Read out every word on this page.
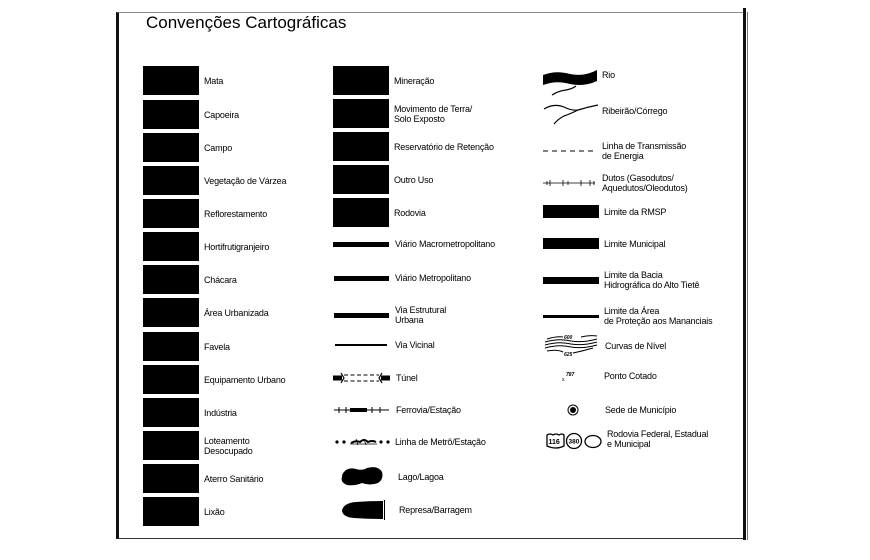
Convenções Cartográficas
Mata
Capoeira
Campo
Vegetação de Várzea
Reflorestamento
Hortifrutigranjeiro
Chácara
Área Urbanizada
Favela
Equipamento Urbano
Indústria
Loteamento
Desocupado
Aterro Sanitário
Lixão
Mineração
Movimento de Terra/
Solo Exposto
Reservatório de Retenção
Outro Uso
Rodovia
Viário Macrometropolitano
Viário Metropolitano
Via Estrutural
Urbana
Via Vicinal
Túnel
Ferrovia/Estação
Linha de Metrô/Estação
Lago/Lagoa
Represa/Barragem
Rio
Ribeirão/Córrego
Linha de Transmissão
de Energia
Dutos (Gasodutos/
Aquedutos/Oleodutos)
Limite da RMSP
Limite Municipal
Limite da Bacia
Hidrográfica do Alto Tietê
Limite da Área
de Proteção aos Mananciais
600
625
Curvas de Nível
x
787	Ponto Cotado
Sede de Município
116 380
Rodovia Federal, Estadual
e Municipal
